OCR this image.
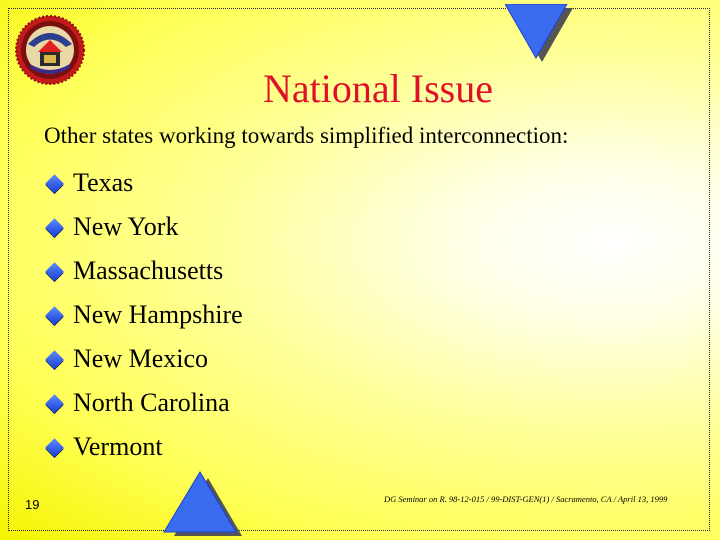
National Issue
Other states working towards simplified interconnection:
Texas
New York
Massachusetts
New Hampshire
New Mexico
North Carolina
Vermont
19	DG Seminar on R. 98-12-015 / 99-DIST-GEN(1) / Sacramento, CA / April 13, 1999
